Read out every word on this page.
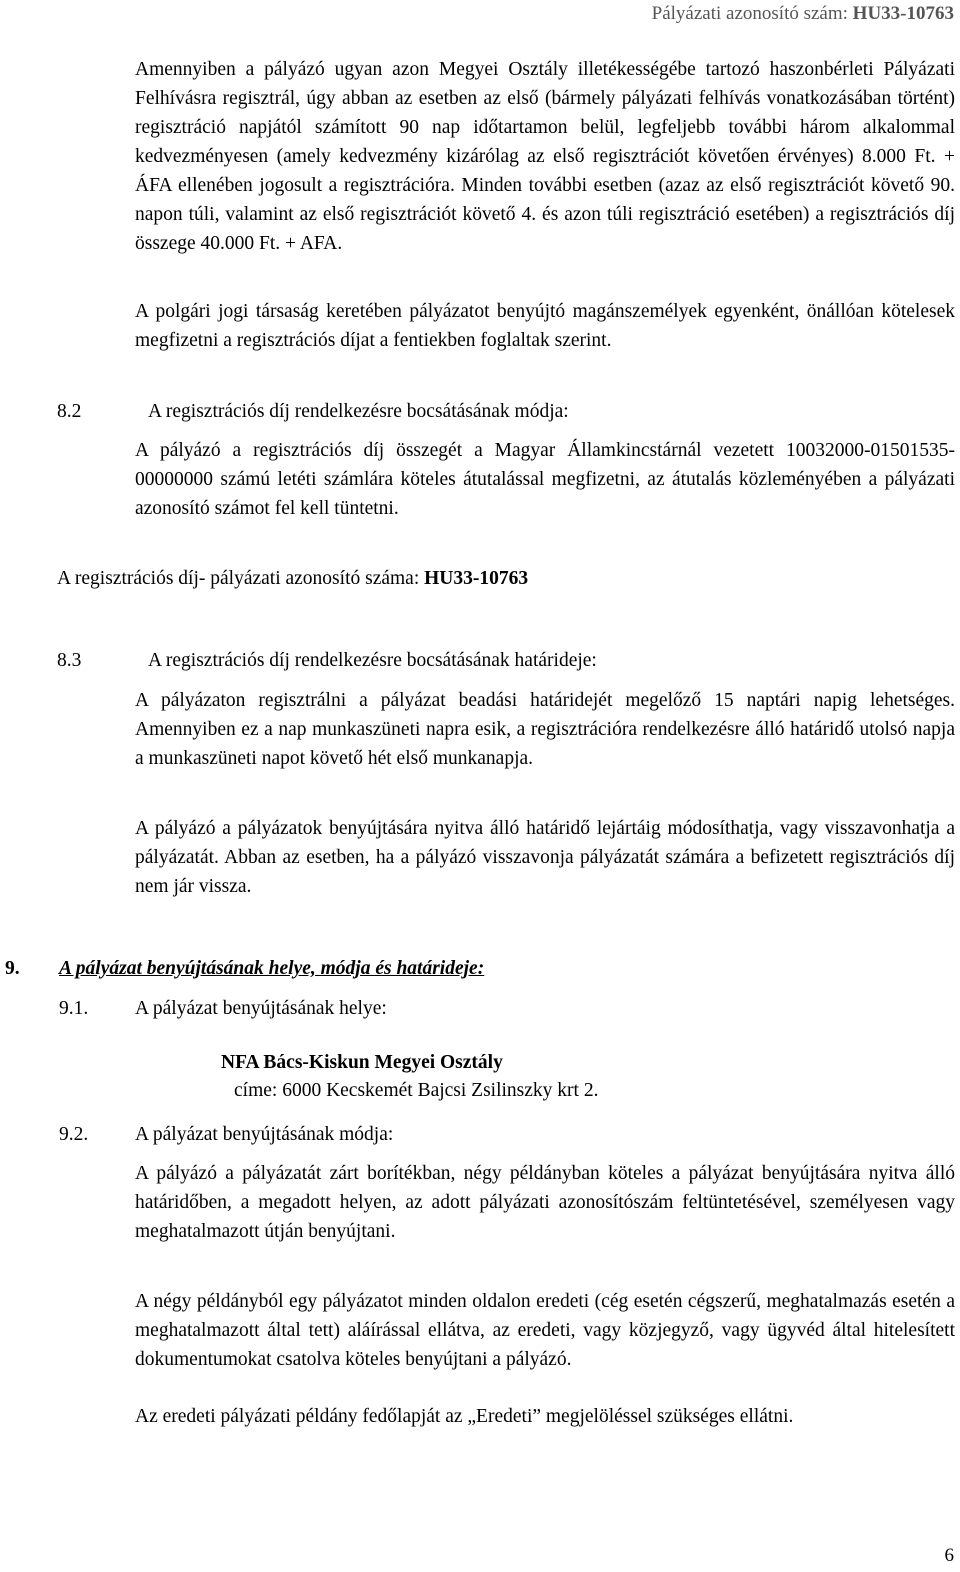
Pályázati azonosító szám: HU33-10763

Amennyiben a pályázó ugyan azon Megyei Osztály illetékességébe tartozó haszonbérleti Pályázati Felhívásra regisztrál, úgy abban az esetben az első (bármely pályázati felhívás vonatkozásában történt) regisztráció napjától számított 90 nap időtartamon belül, legfeljebb további három alkalommal kedvezményesen (amely kedvezmény kizárólag az első regisztrációt követően érvényes) 8.000 Ft. + ÁFA ellenében jogosult a regisztrációra. Minden további esetben (azaz az első regisztrációt követő 90. napon túli, valamint az első regisztrációt követő 4. és azon túli regisztráció esetében) a regisztrációs díj összege 40.000 Ft. + AFA.

A polgári jogi társaság keretében pályázatot benyújtó magánszemélyek egyenként, önállóan kötelesek megfizetni a regisztrációs díjat a fentiekben foglaltak szerint.

8.2	A regisztrációs díj rendelkezésre bocsátásának módja:

A pályázó a regisztrációs díj összegét a Magyar Államkincstárnál vezetett 10032000-01501535-00000000 számú letéti számlára köteles átutalással megfizetni, az átutalás közleményében a pályázati azonosító számot fel kell tüntetni.

A regisztrációs díj- pályázati azonosító száma: HU33-10763

8.3	A regisztrációs díj rendelkezésre bocsátásának határideje:

A pályázaton regisztrálni a pályázat beadási határidejét megelőző 15 naptári napig lehetséges. Amennyiben ez a nap munkaszüneti napra esik, a regisztrációra rendelkezésre álló határidő utolsó napja a munkaszüneti napot követő hét első munkanapja.

A pályázó a pályázatok benyújtására nyitva álló határidő lejártáig módosíthatja, vagy visszavonhatja a pályázatát. Abban az esetben, ha a pályázó visszavonja pályázatát számára a befizetett regisztrációs díj nem jár vissza.

9. A pályázat benyújtásának helye, módja és határideje:

9.1. A pályázat benyújtásának helye:

NFA Bács-Kiskun Megyei Osztály

címe: 6000 Kecskemét Bajcsi Zsilinszky krt 2.

9.2. A pályázat benyújtásának módja:

A pályázó a pályázatát zárt borítékban, négy példányban köteles a pályázat benyújtására nyitva álló határidőben, a megadott helyen, az adott pályázati azonosítószám feltüntetésével, személyesen vagy meghatalmazott útján benyújtani.

A négy példányból egy pályázatot minden oldalon eredeti (cég esetén cégszerű, meghatalmazás esetén a meghatalmazott által tett) aláírással ellátva, az eredeti, vagy közjegyző, vagy ügyvéd által hitelesített dokumentumokat csatolva köteles benyújtani a pályázó.

Az eredeti pályázati példány fedőlapját az „Eredeti” megjelöléssel szükséges ellátni.

6
